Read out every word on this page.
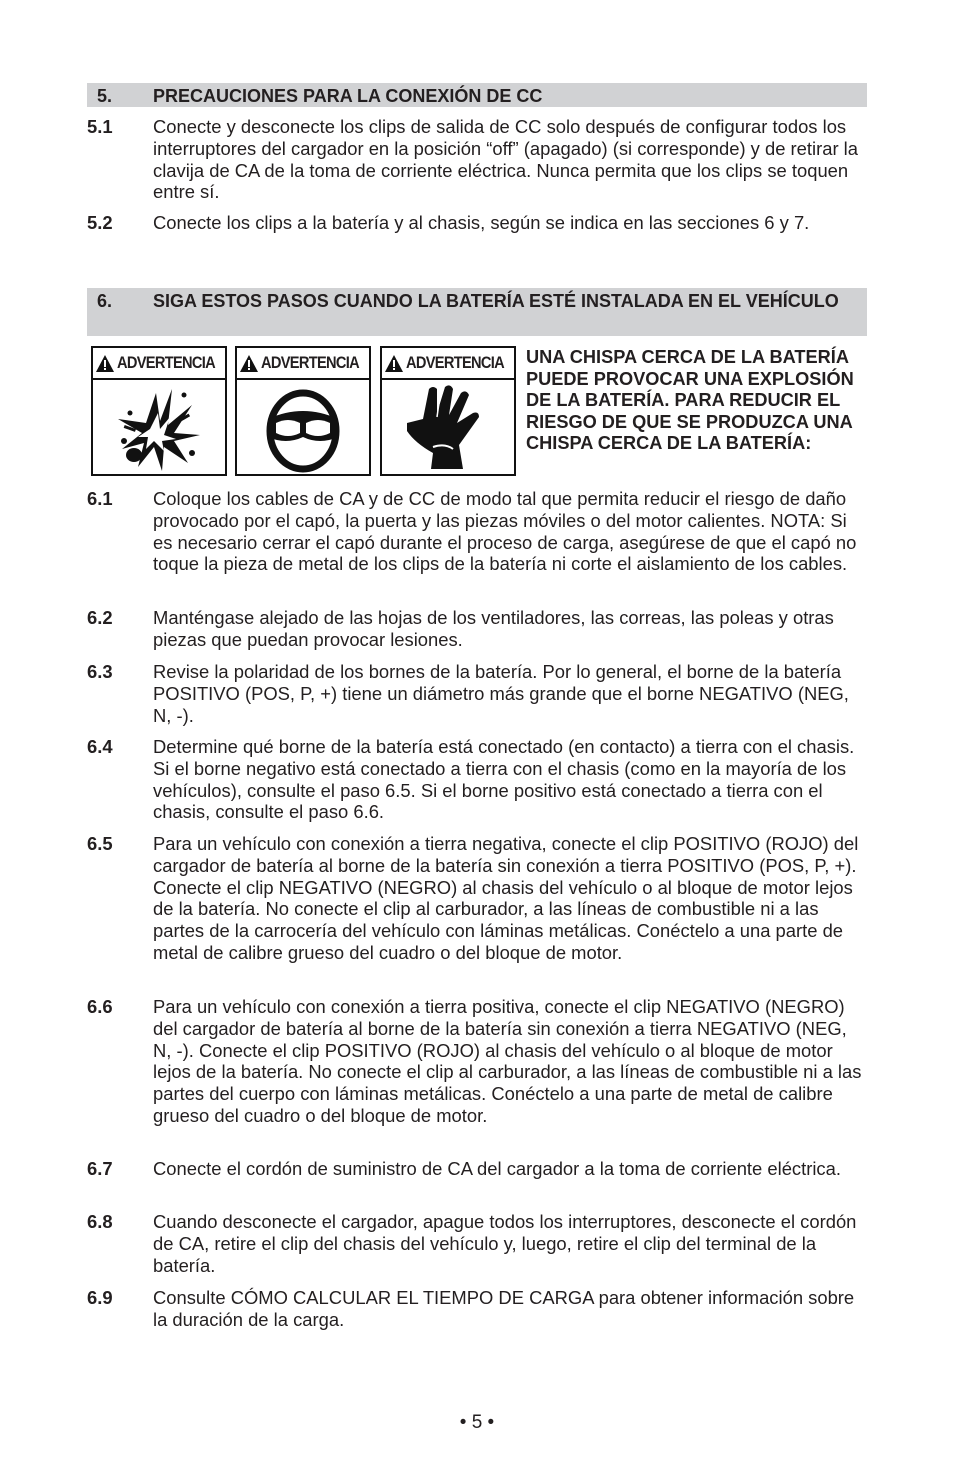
5. PRECAUCIONES PARA LA CONEXIÓN DE CC
5.1 Conecte y desconecte los clips de salida de CC solo después de configurar todos los interruptores del cargador en la posición “off” (apagado) (si corresponde) y de retirar la clavija de CA de la toma de corriente eléctrica. Nunca permita que los clips se toquen entre sí.
5.2 Conecte los clips a la batería y al chasis, según se indica en las secciones 6 y 7.
6. SIGA ESTOS PASOS CUANDO LA BATERÍA ESTÉ INSTALADA EN EL VEHÍCULO
ADVERTENCIA	ADVERTENCIA	ADVERTENCIA UNA CHISPA CERCA DE LA BATERÍA PUEDE PROVOCAR UNA EXPLOSIÓN DE LA BATERÍA. PARA REDUCIR EL RIESGO DE QUE SE PRODUZCA UNA CHISPA CERCA DE LA BATERÍA:
6.1 Coloque los cables de CA y de CC de modo tal que permita reducir el riesgo de daño provocado por el capó, la puerta y las piezas móviles o del motor calientes. NOTA: Si es necesario cerrar el capó durante el proceso de carga, asegúrese de que el capó no toque la pieza de metal de los clips de la batería ni corte el aislamiento de los cables.
6.2 Manténgase alejado de las hojas de los ventiladores, las correas, las poleas y otras piezas que puedan provocar lesiones.
6.3 Revise la polaridad de los bornes de la batería. Por lo general, el borne de la batería POSITIVO (POS, P, +) tiene un diámetro más grande que el borne NEGATIVO (NEG, N, -).
6.4 Determine qué borne de la batería está conectado (en contacto) a tierra con el chasis. Si el borne negativo está conectado a tierra con el chasis (como en la mayoría de los vehículos), consulte el paso 6.5. Si el borne positivo está conectado a tierra con el chasis, consulte el paso 6.6.
6.5 Para un vehículo con conexión a tierra negativa, conecte el clip POSITIVO (ROJO) del cargador de batería al borne de la batería sin conexión a tierra POSITIVO (POS, P, +). Conecte el clip NEGATIVO (NEGRO) al chasis del vehículo o al bloque de motor lejos de la batería. No conecte el clip al carburador, a las líneas de combustible ni a las partes de la carrocería del vehículo con láminas metálicas. Conéctelo a una parte de metal de calibre grueso del cuadro o del bloque de motor.
6.6 Para un vehículo con conexión a tierra positiva, conecte el clip NEGATIVO (NEGRO) del cargador de batería al borne de la batería sin conexión a tierra NEGATIVO (NEG, N, -). Conecte el clip POSITIVO (ROJO) al chasis del vehículo o al bloque de motor lejos de la batería. No conecte el clip al carburador, a las líneas de combustible ni a las partes del cuerpo con láminas metálicas. Conéctelo a una parte de metal de calibre grueso del cuadro o del bloque de motor.
6.7 Conecte el cordón de suministro de CA del cargador a la toma de corriente eléctrica.
6.8 Cuando desconecte el cargador, apague todos los interruptores, desconecte el cordón de CA, retire el clip del chasis del vehículo y, luego, retire el clip del terminal de la batería.
6.9 Consulte CÓMO CALCULAR EL TIEMPO DE CARGA para obtener información sobre la duración de la carga.
• 5 •
